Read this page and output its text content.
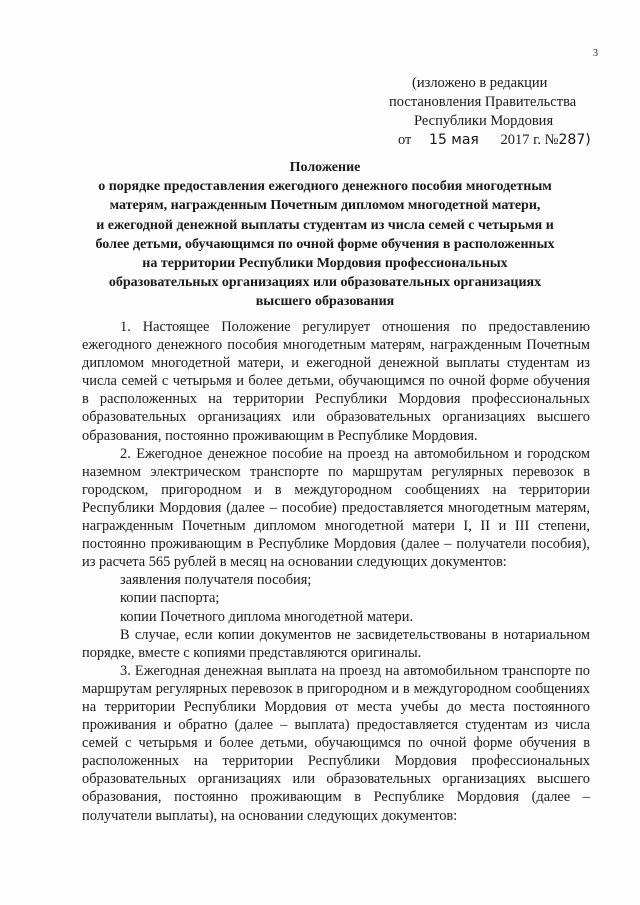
3
(изложено в редакции
постановления Правительства
Республики Мордовия
от 15 мая 2017 г. №287)
Положение
о порядке предоставления ежегодного денежного пособия многодетным
матерям, награжденным Почетным дипломом многодетной матери,
и ежегодной денежной выплаты студентам из числа семей с четырьмя и
более детьми, обучающимся по очной форме обучения в расположенных
на территории Республики Мордовия профессиональных
образовательных организациях или образовательных организациях
высшего образования

1. Настоящее Положение регулирует отношения по предоставлению ежегодного денежного пособия многодетным матерям, награжденным Почетным дипломом многодетной матери, и ежегодной денежной выплаты студентам из числа семей с четырьмя и более детьми, обучающимся по очной форме обучения в расположенных на территории Республики Мордовия профессиональных образовательных организациях или образовательных организациях высшего образования, постоянно проживающим в Республике Мордовия.

2. Ежегодное денежное пособие на проезд на автомобильном и городском наземном электрическом транспорте по маршрутам регулярных перевозок в городском, пригородном и в междугородном сообщениях на территории Республики Мордовия (далее – пособие) предоставляется многодетным матерям, награжденным Почетным дипломом многодетной матери I, II и III степени, постоянно проживающим в Республике Мордовия (далее – получатели пособия), из расчета 565 рублей в месяц на основании следующих документов:

заявления получателя пособия;

копии паспорта;

копии Почетного диплома многодетной матери.

В случае, если копии документов не засвидетельствованы в нотариальном порядке, вместе с копиями представляются оригиналы.

3. Ежегодная денежная выплата на проезд на автомобильном транспорте по маршрутам регулярных перевозок в пригородном и в междугородном сообщениях на территории Республики Мордовия от места учебы до места постоянного проживания и обратно (далее – выплата) предоставляется студентам из числа семей с четырьмя и более детьми, обучающимся по очной форме обучения в расположенных на территории Республики Мордовия профессиональных образовательных организациях или образовательных организациях высшего образования, постоянно проживающим в Республике Мордовия (далее – получатели выплаты), на основании следующих документов:
